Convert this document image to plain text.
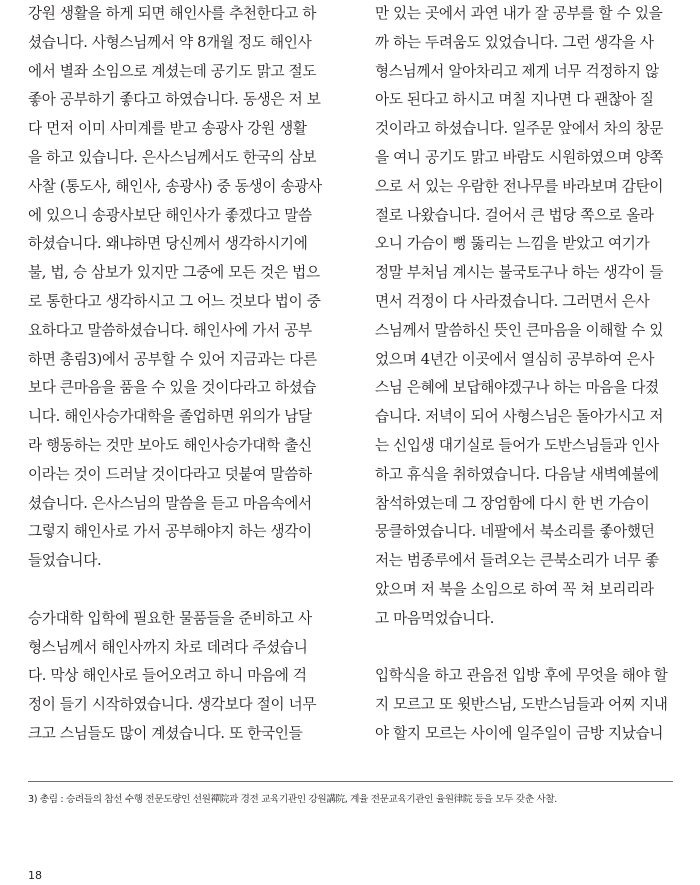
강원 생활을 하게 되면 해인사를 추천한다고 하
셨습니다. 사형스님께서 약 8개월 정도 해인사
에서 별좌 소임으로 계셨는데 공기도 맑고 절도
좋아 공부하기 좋다고 하였습니다. 동생은 저 보
다 먼저 이미 사미계를 받고 송광사 강원 생활
을 하고 있습니다. 은사스님께서도 한국의 삼보
사찰 (통도사, 해인사, 송광사) 중 동생이 송광사
에 있으니 송광사보단 해인사가 좋겠다고 말씀
하셨습니다. 왜냐하면 당신께서 생각하시기에
불, 법, 승 삼보가 있지만 그중에 모든 것은 법으
로 통한다고 생각하시고 그 어느 것보다 법이 중
요하다고 말씀하셨습니다. 해인사에 가서 공부
하면 총림3)에서 공부할 수 있어 지금과는 다른
보다 큰마음을 품을 수 있을 것이다라고 하셨습
니다. 해인사승가대학을 졸업하면 위의가 남달
라 행동하는 것만 보아도 해인사승가대학 출신
이라는 것이 드러날 것이다라고 덧붙여 말씀하
셨습니다. 은사스님의 말씀을 듣고 마음속에서
그렇지 해인사로 가서 공부해야지 하는 생각이
들었습니다.
승가대학 입학에 필요한 물품들을 준비하고 사
형스님께서 해인사까지 차로 데려다 주셨습니
다. 막상 해인사로 들어오려고 하니 마음에 걱
정이 들기 시작하였습니다. 생각보다 절이 너무
크고 스님들도 많이 계셨습니다. 또 한국인들
만 있는 곳에서 과연 내가 잘 공부를 할 수 있을
까 하는 두려움도 있었습니다. 그런 생각을 사
형스님께서 알아차리고 제게 너무 걱정하지 않
아도 된다고 하시고 며칠 지나면 다 괜찮아 질
것이라고 하셨습니다. 일주문 앞에서 차의 창문
을 여니 공기도 맑고 바람도 시원하였으며 양쪽
으로 서 있는 우람한 전나무를 바라보며 감탄이
절로 나왔습니다. 걸어서 큰 법당 쪽으로 올라
오니 가슴이 뻥 뚫리는 느낌을 받았고 여기가
정말 부처님 계시는 불국토구나 하는 생각이 들
면서 걱정이 다 사라졌습니다. 그러면서 은사
스님께서 말씀하신 뜻인 큰마음을 이해할 수 있
었으며 4년간 이곳에서 열심히 공부하여 은사
스님 은혜에 보답해야겠구나 하는 마음을 다졌
습니다. 저녁이 되어 사형스님은 돌아가시고 저
는 신입생 대기실로 들어가 도반스님들과 인사
하고 휴식을 취하였습니다. 다음날 새벽예불에
참석하였는데 그 장엄함에 다시 한 번 가슴이
뭉클하였습니다. 네팔에서 북소리를 좋아했던
저는 범종루에서 들려오는 큰북소리가 너무 좋
았으며 저 북을 소임으로 하여 꼭 쳐 보리리라
고 마음먹었습니다.
입학식을 하고 관음전 입방 후에 무엇을 해야 할
지 모르고 또 윗반스님, 도반스님들과 어찌 지내
야 할지 모르는 사이에 일주일이 금방 지났습니
3) 총림 : 승려들의 참선 수행 전문도량인 선원禪院과 경전 교육기관인 강원講院, 계율 전문교육기관인 율원律院 등을 모두 갖춘 사찰.
18
